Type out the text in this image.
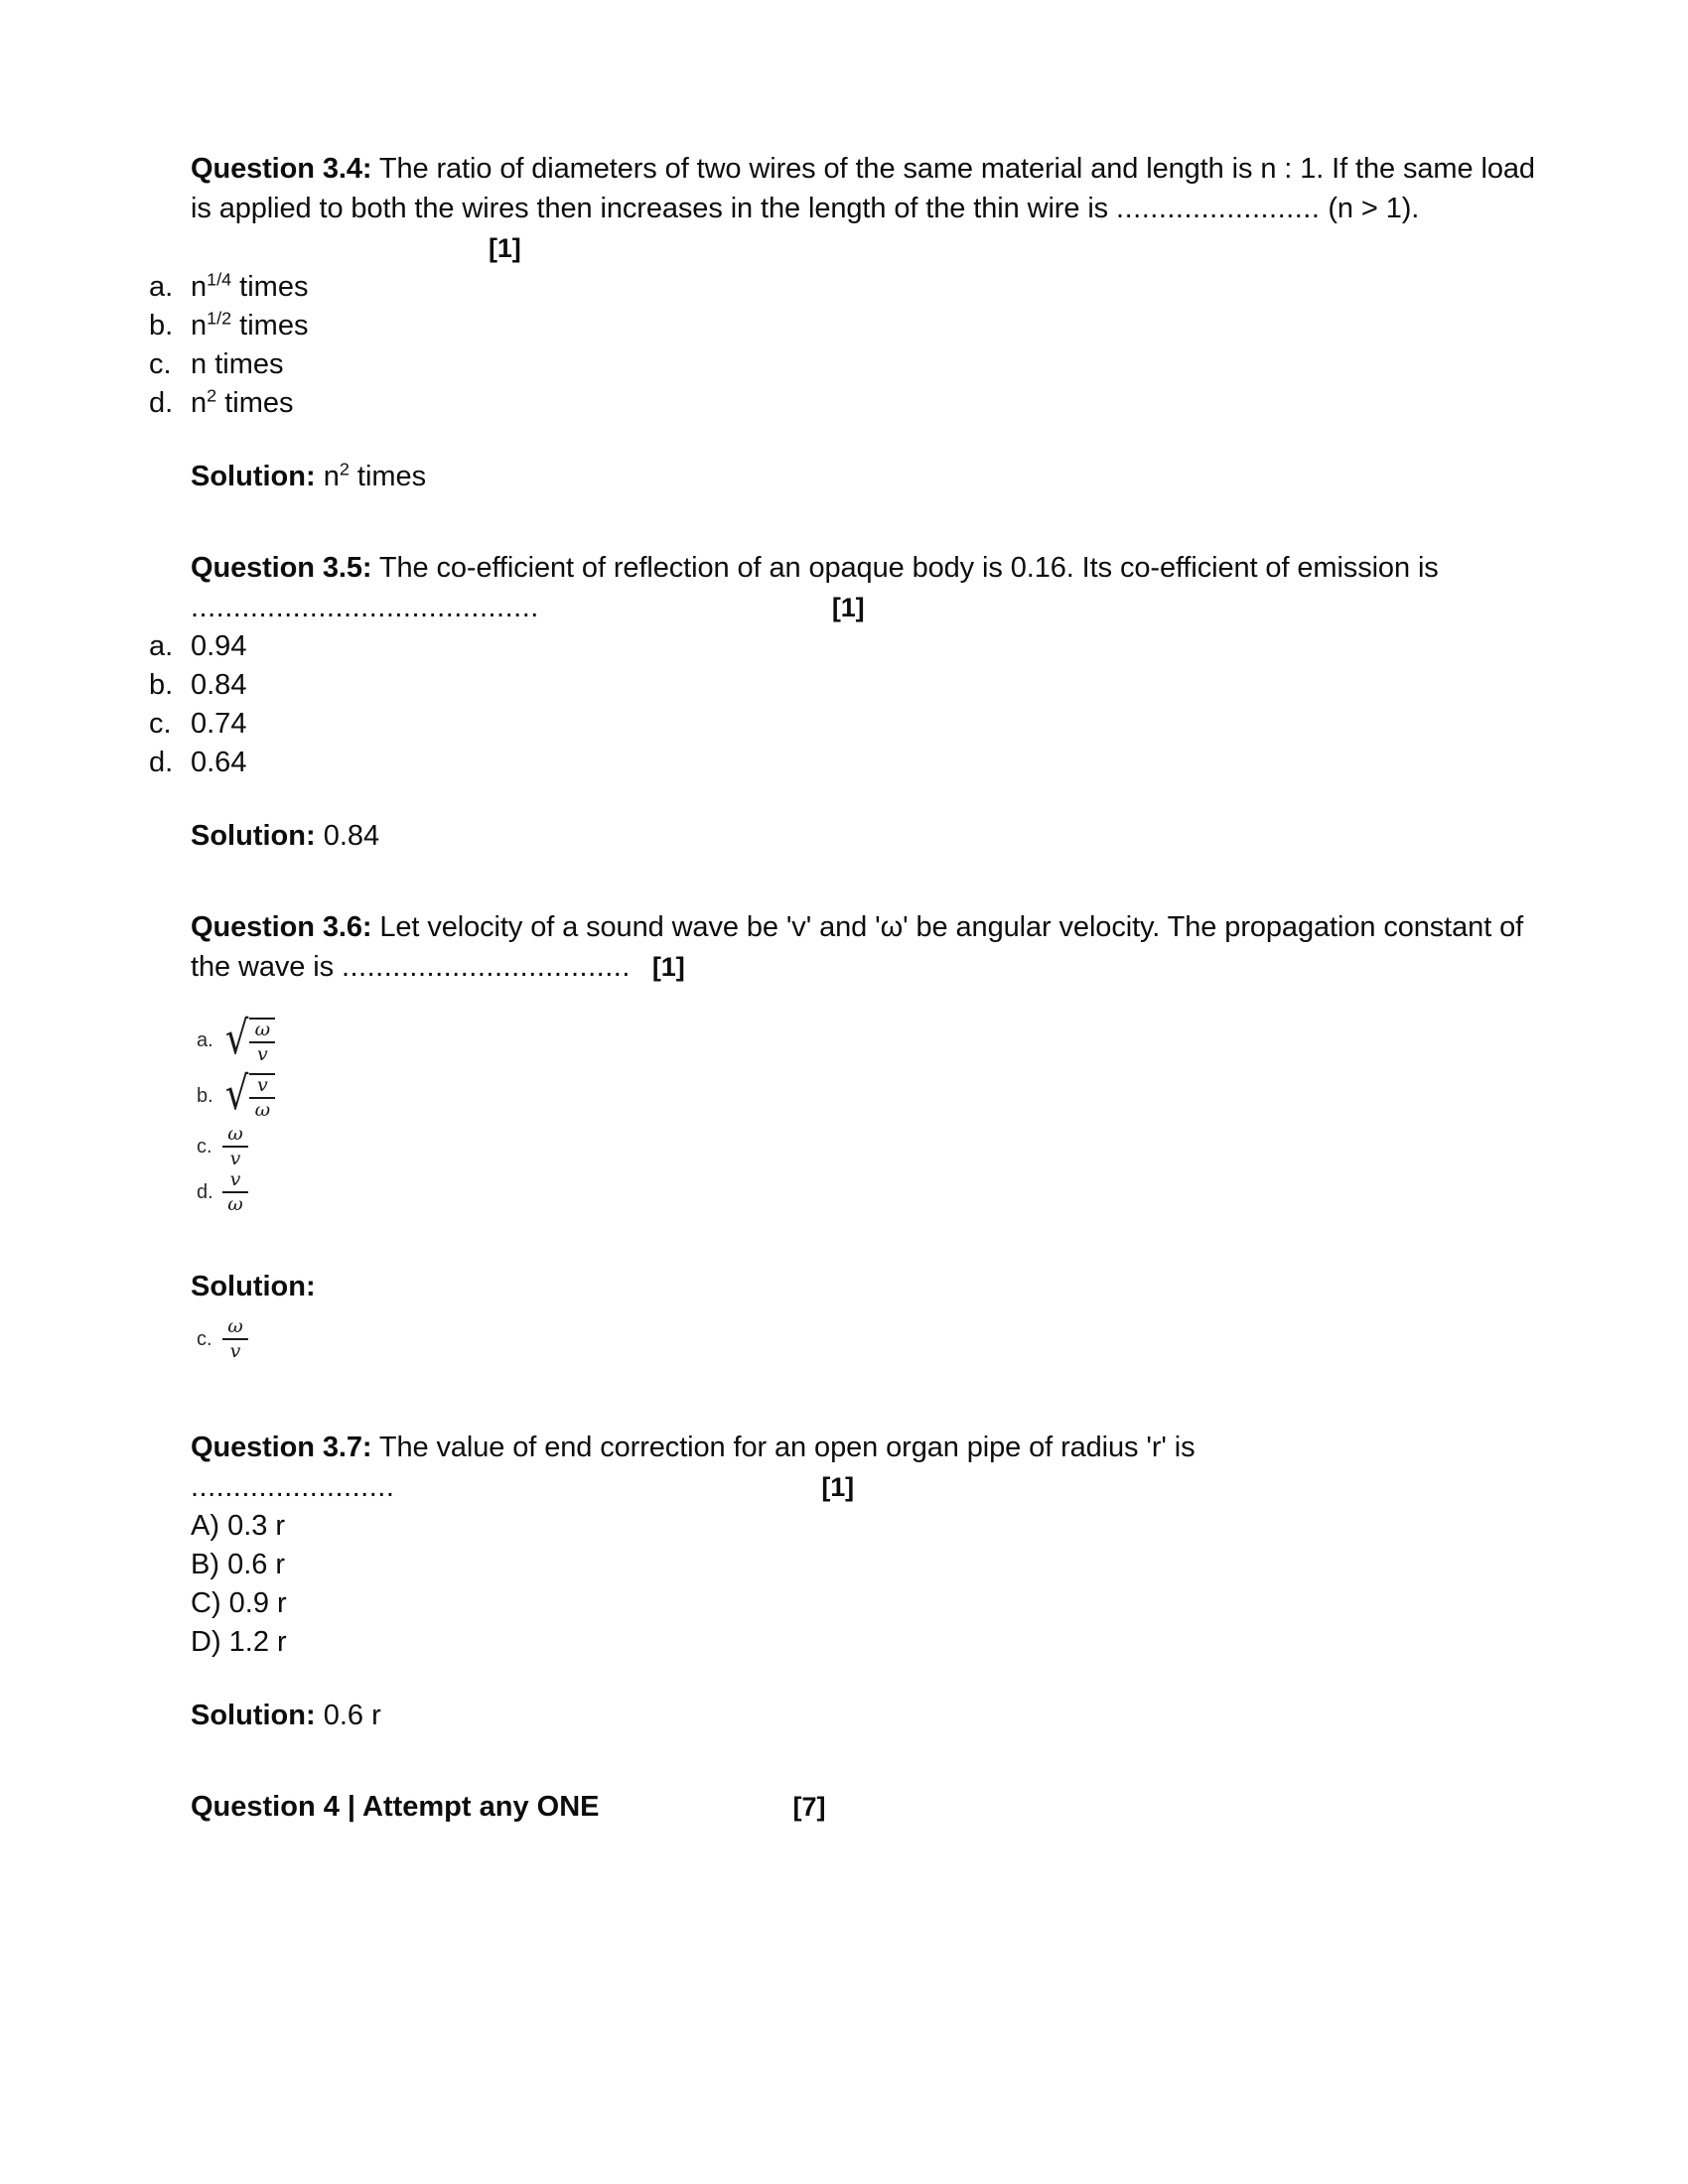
Question 3.4: The ratio of diameters of two wires of the same material and length is n : 1. If the same load is applied to both the wires then increases in the length of the thin wire is ........................ (n > 1).[1]
a. $n^{1/4}$ times
b. $n^{1/2}$ times
c. n times
d. $n^2$ times
Solution: $n^2$ times
Question 3.5: The co-efficient of reflection of an opaque body is 0.16. Its co-efficient of emission is .........................................	[1]
a. 0.94
b. 0.84
c. 0.74
d. 0.64
Solution: 0.84
Question 3.6: Let velocity of a sound wave be 'v' and 'ω' be angular velocity. The propagation constant of the wave is .................................. [1]
a. √ $\frac{\omega}{v}$
b. √ $\frac{v}{\omega}$
c. $\frac{\omega}{v}$
d. $\frac{v}{\omega}$
Solution:
c. $\frac{\omega}{v}$
Question 3.7: The value of end correction for an open organ pipe of radius 'r' is
........................	[1]
A) 0.3 r
B) 0.6 r
C) 0.9 r
D) 1.2 r
Solution: 0.6 r
Question 4 | Attempt any ONE	[7]
